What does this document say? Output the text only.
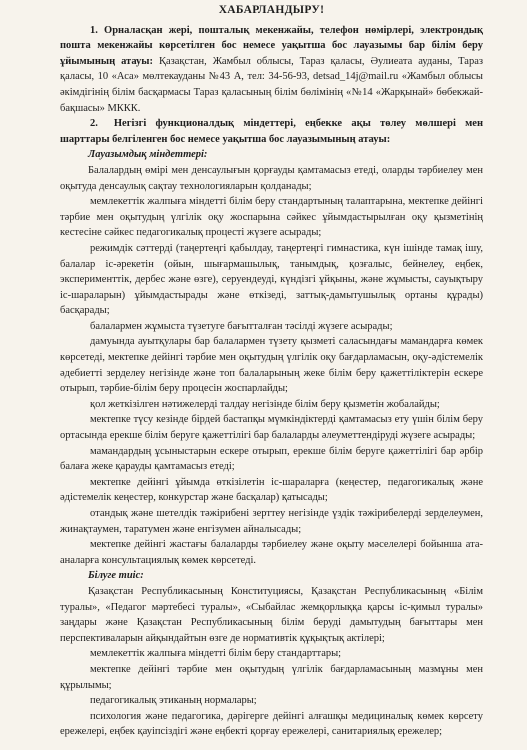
ХАБАРЛАНДЫРУ!

1. Орналасқан жері, пошталық мекенжайы, телефон нөмірлері, электрондық пошта мекенжайы көрсетілген бос немесе уақытша бос лауазымы бар білім беру ұйымының атауы: Қазақстан, Жамбыл облысы, Тараз қаласы, Әулиеата ауданы, Тараз қаласы, 10 «Аса» мөлтекауданы №43 А, тел: 34-56-93, detsad_14j@mail.ru «Жамбыл облысы әкімдігінің білім басқармасы Тараз қаласының білім бөлімінің «№14 «Жарқынай» бөбекжай-бақшасы» МККК.

2. Негізгі функционалдық міндеттері, еңбекке ақы төлеу мөлшері мен шарттары белгіленген бос немесе уақытша бос лауазымының атауы:

Лауазымдық міндеттері:

Балалардың өмірі мен денсаулығын қорғауды қамтамасыз етеді, оларды тәрбиелеу мен оқытуда денсаулық сақтау технологияларын қолданады;

мемлекеттік жалпыға міндетті білім беру стандартының талаптарына, мектепке дейінгі тәрбие мен оқытудың үлгілік оқу жоспарына сәйкес ұйымдастырылған оқу қызметінің кестесіне сәйкес педагогикалық процесті жүзеге асырады;

режимдік сәттерді (таңертеңгі қабылдау, таңертеңгі гимнастика, күн ішінде тамақ ішу, балалар іс-әрекетін (ойын, шығармашылық, танымдық, қозғалыс, бейнелеу, еңбек, эксперименттік, дербес және өзге), серуендеуді, күндізгі ұйқыны, және жұмысты, сауықтыру іс-шараларын) ұйымдастырады және өткізеді, заттық-дамытушылық ортаны құрады) басқарады;

балалармен жұмыста түзетуге бағытталған тәсілді жүзеге асырады;

дамуында ауытқулары бар балалармен түзету қызметі саласындағы мамандарға көмек көрсетеді, мектепке дейінгі тәрбие мен оқытудың үлгілік оқу бағдарламасын, оқу-әдістемелік әдебиетті зерделеу негізінде және топ балаларының жеке білім беру қажеттіліктерін ескере отырып, тәрбие-білім беру процесін жоспарлайды;

қол жеткізілген нәтижелерді талдау негізінде білім беру қызметін жобалайды;

мектепке түсу кезінде бірдей бастапқы мүмкіндіктерді қамтамасыз ету үшін білім беру ортасында ерекше білім беруге қажеттілігі бар балаларды әлеуметтендіруді жүзеге асырады;

мамандардың ұсыныстарын ескере отырып, ерекше білім беруге қажеттілігі бар әрбір балаға жеке қарауды қамтамасыз етеді;

мектепке дейінгі ұйымда өткізілетін іс-шараларға (кеңестер, педагогикалық және әдістемелік кеңестер, конкурстар және басқалар) қатысады;

отандық және шетелдік тәжірибені зерттеу негізінде үздік тәжірибелерді зерделеумен, жинақтаумен, таратумен және енгізумен айналысады;

мектепке дейінгі жастағы балаларды тәрбиелеу және оқыту мәселелері бойынша ата-аналарға консультациялық көмек көрсетеді.

Білуге тиіс:

Қазақстан Республикасының Конституциясы, Қазақстан Республикасының «Білім туралы», «Педагог мәртебесі туралы», «Сыбайлас жемқорлыққа қарсы іс-қимыл туралы» заңдары және Қазақстан Республикасының білім беруді дамытудың бағыттары мен перспективаларын айқындайтын өзге де нормативтік құқықтық актілері;

мемлекеттік жалпыға міндетті білім беру стандарттары;

мектепке дейінгі тәрбие мен оқытудың үлгілік бағдарламасының мазмұны мен құрылымы;

педагогикалық этиканың нормалары;

психология және педагогика, дәрігерге дейінгі алғашқы медициналық көмек көрсету ережелері, еңбек қауіпсіздігі және еңбекті қорғау ережелері, санитариялық ережелер;
